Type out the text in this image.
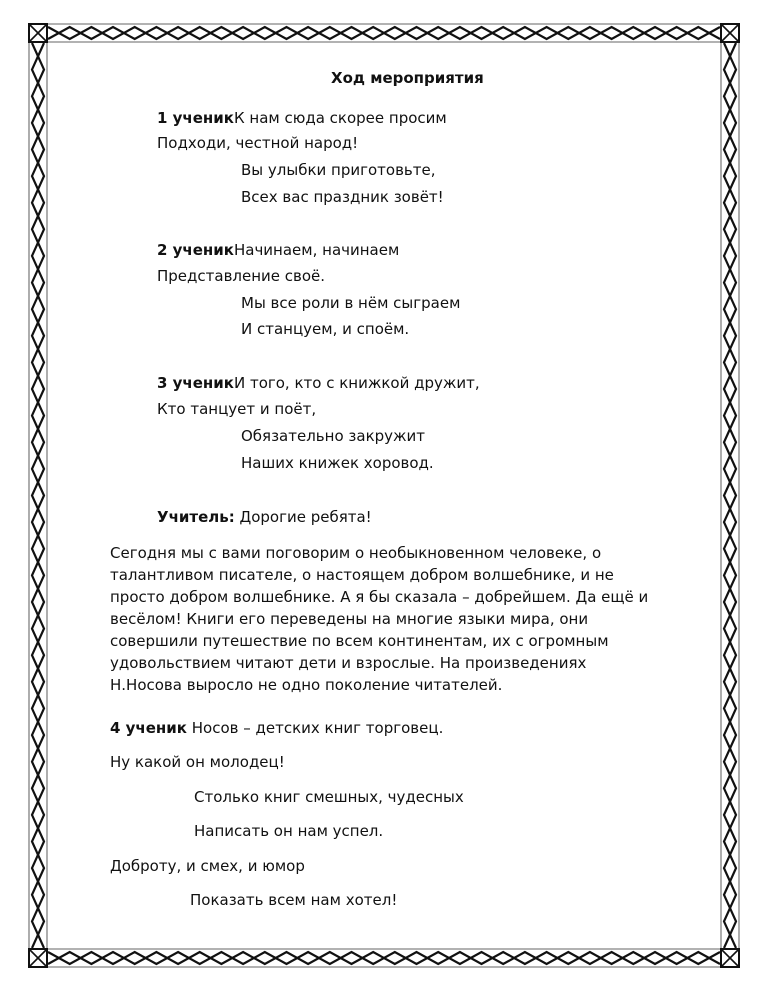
Ход мероприятия
1 ученикК нам сюда скорее просим
Подходи, честной народ!
Вы улыбки приготовьте,
Всех вас праздник зовёт!
2 ученикНачинаем, начинаем
Представление своё.
Мы все роли в нём сыграем
И станцуем, и споём.
3 ученикИ того, кто с книжкой дружит,
Кто танцует и поёт,
Обязательно закружит
Наших книжек хоровод.
Учитель: Дорогие ребята!
Сегодня мы с вами поговорим о необыкновенном человеке, о
талантливом писателе, о настоящем добром волшебнике, и не
просто добром волшебнике. А я бы сказала – добрейшем. Да ещё и
весёлом! Книги его переведены на многие языки мира, они
совершили путешествие по всем континентам, их с огромным
удовольствием читают дети и взрослые. На произведениях
Н.Носова выросло не одно поколение читателей.
4 ученик Носов – детских книг торговец.
Ну какой он молодец!
Столько книг смешных, чудесных
Написать он нам успел.
Доброту, и смех, и юмор
Показать всем нам хотел!
